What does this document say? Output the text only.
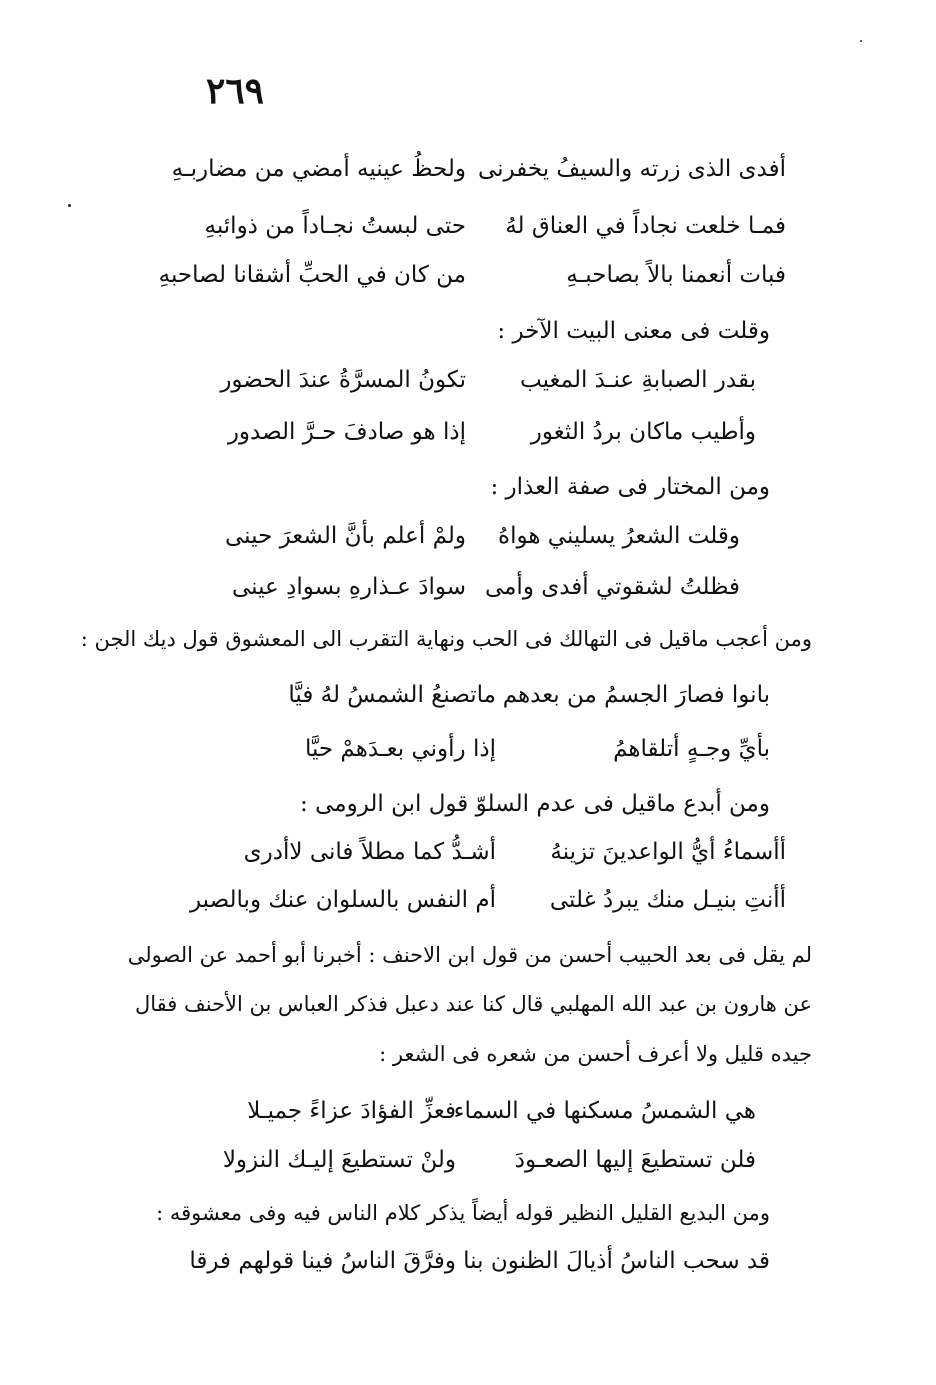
٢٦٩
أفدى الذى زرته والسيفُ يخفرنى
ولحظُ عينيه أمضي من مضاربـهِ
فمـا خلعت نجاداً في العناق لهُ
حتى لبستُ نجـاداً من ذوائبهِ
فبات أنعمنا بالاً بصاحبـهِ
من كان في الحبِّ أشقانا لصاحبهِ
وقلت فى معنى البيت الآخر :
بقدر الصبابةِ عنـدَ المغيب
تكونُ المسرَّةُ عندَ الحضور
وأطيب ماكان بردُ الثغور
إذا هو صادفَ حـرَّ الصدور
ومن المختار فى صفة العذار :
وقلت الشعرُ يسليني هواهُ
ولمْ أعلم بأنَّ الشعرَ حينى
فظلتُ لشقوتي أفدى وأمى
سوادَ عـذارهِ بسوادِ عينى
ومن أعجب ماقيل فى التهالك فى الحب ونهاية التقرب الى المعشوق قول ديك الجن :
بانوا فصارَ الجسمُ من بعدهم
ماتصنعُ الشمسُ لهُ فيَّا
بأيِّ وجـهٍ أتلقاهمُ
إذا رأوني بعـدَهمْ حيَّا
ومن أبدع ماقيل فى عدم السلوّ قول ابن الرومى :
أأسماءُ أيُّ الواعدينَ تزينهُ
أشـدُّ كما مطلاً فانى لاأدرى
أأنتِ بنيـل منك يبردُ غلتى
أم النفس بالسلوان عنك وبالصبر
لم يقل فى بعد الحبيب أحسن من قول ابن الاحنف : أخبرنا أبو أحمد عن الصولى
عن هارون بن عبد الله المهلبي قال كنا عند دعبل فذكر العباس بن الأحنف فقال
جيده قليل ولا أعرف أحسن من شعره فى الشعر :
هي الشمسُ مسكنها في السماء
فعزِّ الفؤادَ عزاءً جميـلا
فلن تستطيعَ إليها الصعـودَ
ولنْ تستطيعَ إليـك النزولا
ومن البديع القليل النظير قوله أيضاً يذكر كلام الناس فيه وفى معشوقه :
قد سحب الناسُ أذيالَ الظنون بنا
وفرَّقَ الناسُ فينا قولهم فرقا
